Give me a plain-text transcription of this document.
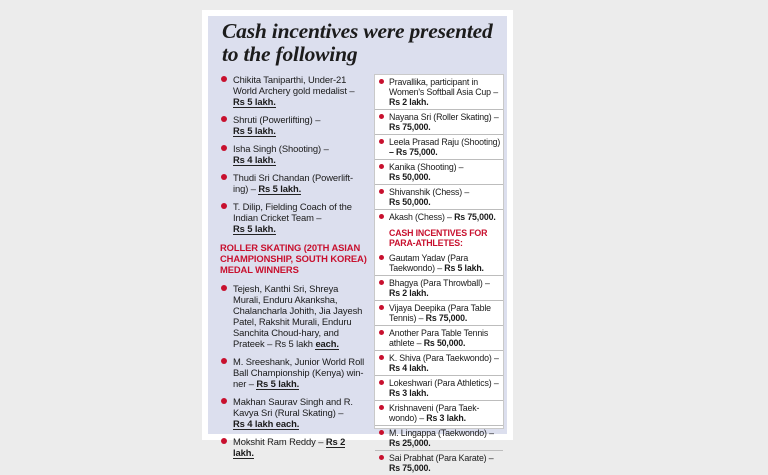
Cash incentives were presented to the following
Chikita Taniparthi, Under-21 World Archery gold medalist – Rs 5 lakh.
Shruti (Powerlifting) –
Rs 5 lakh.
Isha Singh (Shooting) –
Rs 4 lakh.
Thudi Sri Chandan (Powerlift-ing) – Rs 5 lakh.
T. Dilip, Fielding Coach of the Indian Cricket Team –
Rs 5 lakh.
ROLLER SKATING (20TH ASIAN CHAMPIONSHIP, SOUTH KOREA) MEDAL WINNERS
Tejesh, Kanthi Sri, Shreya Murali, Enduru Akanksha, Chalancharla Johith, Jia Jayesh Patel, Rakshit Murali, Enduru Sanchita Choud-hary, and Prateek – Rs 5 lakh each.
M. Sreeshank, Junior World Roll Ball Championship (Kenya) win-ner – Rs 5 lakh.
Makhan Saurav Singh and R. Kavya Sri (Rural Skating) –
Rs 4 lakh each.
Mokshit Ram Reddy – Rs 2 lakh.
Pravallika, participant in Women's Softball Asia Cup – Rs 2 lakh.
Nayana Sri (Roller Skating) –
Rs 75,000.
Leela Prasad Raju (Shooting)
– Rs 75,000.
Kanika (Shooting) –
Rs 50,000.
Shivanshik (Chess) –
Rs 50,000.
Akash (Chess) – Rs 75,000.
CASH INCENTIVES FOR PARA-ATHLETES:
Gautam Yadav (Para Taekwondo) – Rs 5 lakh.
Bhagya (Para Throwball) –
Rs 2 lakh.
Vijaya Deepika (Para Table Tennis) – Rs 75,000.
Another Para Table Tennis athlete – Rs 50,000.
K. Shiva (Para Taekwondo) –
Rs 4 lakh.
Lokeshwari (Para Athletics) –
Rs 3 lakh.
Krishnaveni (Para Taek-wondo) – Rs 3 lakh.
M. Lingappa (Taekwondo) –
Rs 25,000.
Sai Prabhat (Para Karate) –
Rs 75,000.
